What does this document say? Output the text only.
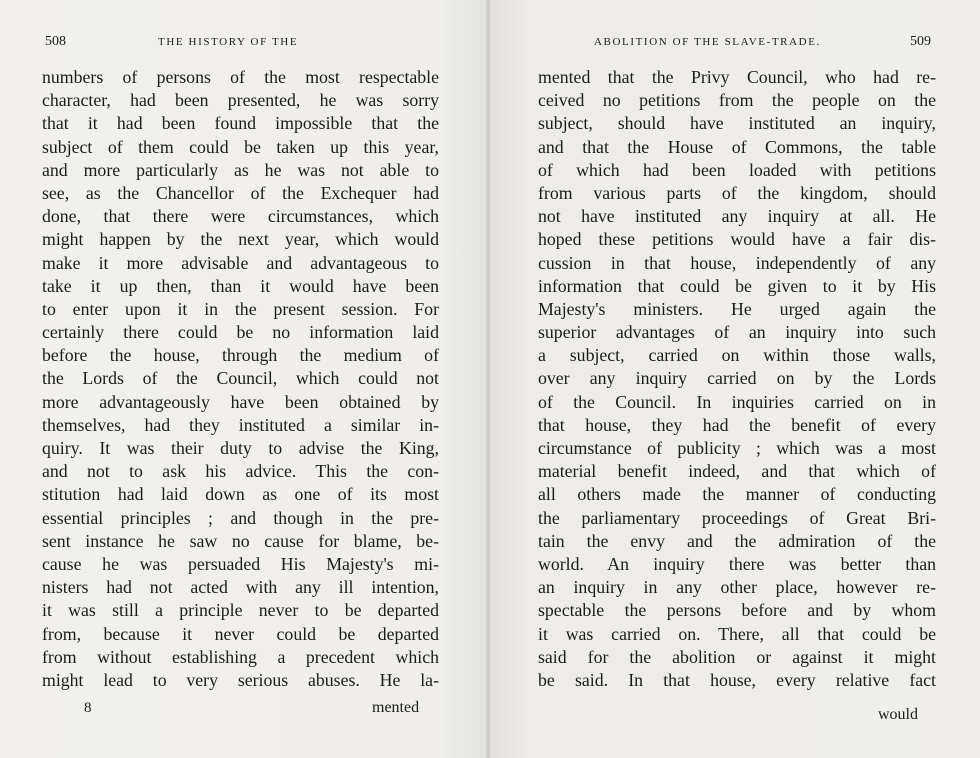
508	THE HISTORY OF THE
numbers of persons of the most respectable
character, had been presented, he was sorry
that it had been found impossible that the
subject of them could be taken up this year,
and more particularly as he was not able to
see, as the Chancellor of the Exchequer had
done, that there were circumstances, which
might happen by the next year, which would
make it more advisable and advantageous to
take it up then, than it would have been
to enter upon it in the present session. For
certainly there could be no information laid
before the house, through the medium of
the Lords of the Council, which could not
more advantageously have been obtained by
themselves, had they instituted a similar in-
quiry. It was their duty to advise the King,
and not to ask his advice. This the con-
stitution had laid down as one of its most
essential principles ; and though in the pre-
sent instance he saw no cause for blame, be-
cause he was persuaded His Majesty's mi-
nisters had not acted with any ill intention,
it was still a principle never to be departed
from, because it never could be departed
from without establishing a precedent which
might lead to very serious abuses. He la-
8	mented
ABOLITION OF THE SLAVE-TRADE.	509
mented that the Privy Council, who had re-
ceived no petitions from the people on the
subject, should have instituted an inquiry,
and that the House of Commons, the table
of which had been loaded with petitions
from various parts of the kingdom, should
not have instituted any inquiry at all. He
hoped these petitions would have a fair dis-
cussion in that house, independently of any
information that could be given to it by His
Majesty's ministers. He urged again the
superior advantages of an inquiry into such
a subject, carried on within those walls,
over any inquiry carried on by the Lords
of the Council. In inquiries carried on in
that house, they had the benefit of every
circumstance of publicity ; which was a most
material benefit indeed, and that which of
all others made the manner of conducting
the parliamentary proceedings of Great Bri-
tain the envy and the admiration of the
world. An inquiry there was better than
an inquiry in any other place, however re-
spectable the persons before and by whom
it was carried on. There, all that could be
said for the abolition or against it might
be said. In that house, every relative fact
would
